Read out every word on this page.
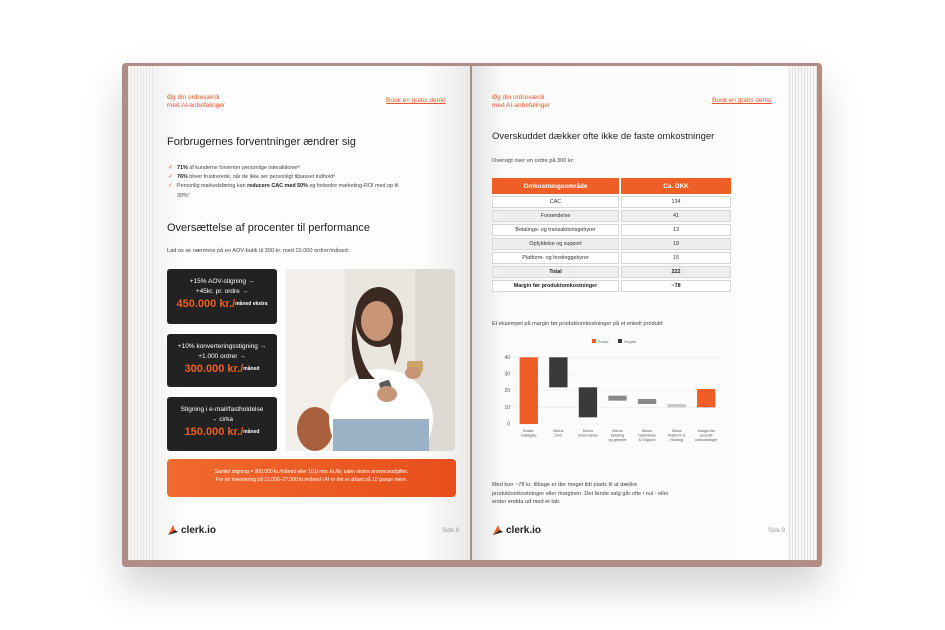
Øg din ordreværdi
med AI-anbefalinger
Book en gratis demo
Forbrugernes forventninger ændrer sig
✓ 71% af kunderne forventer personlige interaktioner⁶
✓ 76% bliver frustrerede, når de ikke ser personligt tilpasset indhold⁶
✓ Personlig markedsføring kan reducere CAC med 50% og forbedre marketing-ROI med op til 30%⁷
Oversættelse af procenter til performance
Lad os se nærmere på en AOV-butik til 300 kr. med 10.000 ordrer/måned:
+15% AOV-stigning →
+45kr. pr. ordre →
450.000 kr./måned ekstra
+10% konverteringsstigning →
+1.000 ordrer →
300.000 kr./måned
Stigning i e-mail/fastholdelse
→ cirka
150.000 kr./måned
Samlet stigning = 900.000 kr./måned eller 10,8 mio. kr./år, uden ekstra annonceudgifter.
For en investering på 15.000–27.000 kr./måned i AI er det et afkast på 10 gange mere.
clerk.io	Side 8
Øg din ordreværdi
med AI-anbefalinger
Book en gratis demo
Overskuddet dækker ofte ikke de faste omkostninger
Oversigt over en ordre på 300 kr:
Omkostningsområde	Ca. DKK
CAC	134
Forsendelse	41
Betalings- og transaktionsgebyrer	13
Opfyldelse og support	19
Platform- og hostinggebyrer	15
Total	222
Margin før produktomkostninger	~78
Et eksempel på margin før produktomkostninger på et enkelt produkt:
Positiv	Negativ
0
10
20
30
40
Brutto-indtægter
Minus CAC
Minus forsendelse
Minus betaling og gebyrer
Minus Opfyldelse & Support
Minus Platform & Hosting
Margin før produkt omkostninger
Med kun ~78 kr. tilbage er der meget lidt plads til at dække
produktomkostninger eller marginen. Det første salg går ofte i nul - eller
ender endda ud med et tab.
clerk.io	Side 9
